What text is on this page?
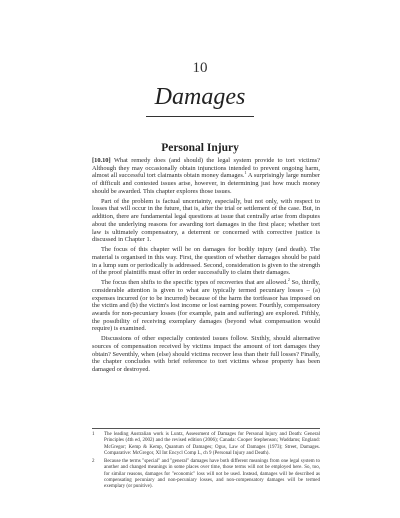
10
Damages
Personal Injury

[10.10] What remedy does (and should) the legal system provide to tort victims? Although they may occasionally obtain injunctions intended to prevent ongoing harm, almost all successful tort claimants obtain money damages.$^1$ A surprisingly large number of difficult and contested issues arise, however, in determining just how much money should be awarded. This chapter explores those issues.

Part of the problem is factual uncertainty, especially, but not only, with respect to losses that will occur in the future, that is, after the trial or settlement of the case. But, in addition, there are fundamental legal questions at issue that centrally arise from disputes about the underlying reasons for awarding tort damages in the first place; whether tort law is ultimately compensatory, a deterrent or concerned with corrective justice is discussed in Chapter 1.

The focus of this chapter will be on damages for bodily injury (and death). The material is organised in this way. First, the question of whether damages should be paid in a lump sum or periodically is addressed. Second, consideration is given to the strength of the proof plaintiffs must offer in order successfully to claim their damages.

The focus then shifts to the specific types of recoveries that are allowed.$^2$ So, thirdly, considerable attention is given to what are typically termed pecuniary losses – (a) expenses incurred (or to be incurred) because of the harm the tortfeasor has imposed on the victim and (b) the victim's lost income or lost earning power. Fourthly, compensatory awards for non-pecuniary losses (for example, pain and suffering) are explored. Fifthly, the possibility of receiving exemplary damages (beyond what compensation would require) is examined.

Discussions of other especially contested issues follow. Sixthly, should alternative sources of compensation received by victims impact the amount of tort damages they obtain? Seventhly, when (else) should victims recover less than their full losses? Finally, the chapter concludes with brief reference to tort victims whose property has been damaged or destroyed.

1	The leading Australian work is Luntz, Assessment of Damages for Personal Injury and Death: General Principles (4th ed, 2002) and the revised edition (2006); Canada: Cooper Stephenson; Waddams; England: McGregor; Kemp & Kemp, Quantum of Damages; Ogus, Law of Damages (1973); Street, Damages. Comparative: McGregor, XI Int Encycl Comp L, ch 9 (Personal Injury and Death).
2	Because the terms "special" and "general" damages have both different meanings from one legal system to another and changed meanings in some places over time, those terms will not be employed here. So, too, for similar reasons, damages for "economic" loss will not be used. Instead, damages will be described as compensating pecuniary and non-pecuniary losses, and non-compensatory damages will be termed exemplary (or punitive).
